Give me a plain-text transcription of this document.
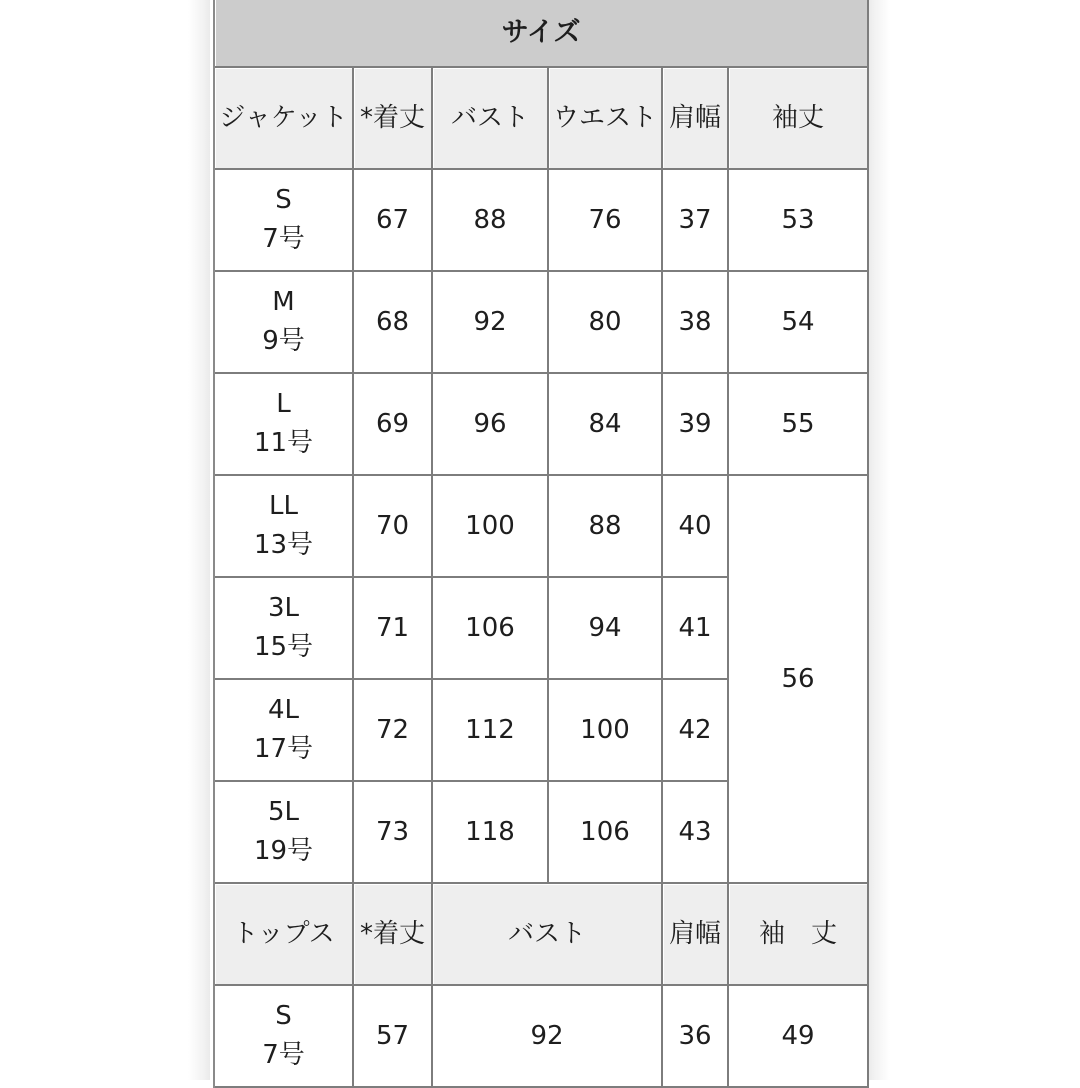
サイズ					
ジャケット	*着丈	バスト	ウエスト	肩幅	袖丈
S
7号	67	88	76	37	53
M
9号	68	92	80	38	54
L
11号	69	96	84	39	55
LL
13号	70	100	88	40	56
3L
15号	71	106	94	41	
4L
17号	72	112	100	42	
5L
19号	73	118	106	43	
トップス	*着丈	バスト		肩幅	袖 丈
S
7号	57	92		36	49
